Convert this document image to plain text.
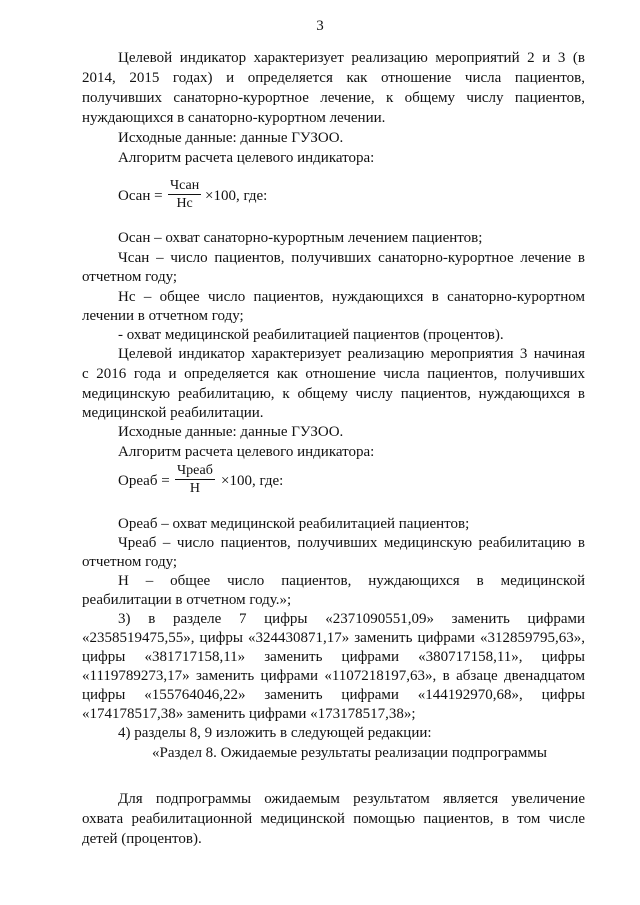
3
Целевой индикатор характеризует реализацию мероприятий 2 и 3 (в
2014, 2015 годах) и определяется как отношение числа пациентов,
получивших санаторно-курортное лечение, к общему числу пациентов,
нуждающихся в санаторно-курортном лечении.
Исходные данные: данные ГУЗОО.
Алгоритм расчета целевого индикатора:
Осан =
Чсан
Нс ×100, где:
Осан – охват санаторно-курортным лечением пациентов;
Чсан – число пациентов, получивших санаторно-курортное лечение в
отчетном году;
Нс – общее число пациентов, нуждающихся в санаторно-курортном
лечении в отчетном году;
- охват медицинской реабилитацией пациентов (процентов).
Целевой индикатор характеризует реализацию мероприятия 3 начиная
с 2016 года и определяется как отношение числа пациентов, получивших
медицинскую реабилитацию, к общему числу пациентов, нуждающихся в
медицинской реабилитации.
Исходные данные: данные ГУЗОО.
Алгоритм расчета целевого индикатора:
Ореаб =
Чреаб
Н	×100, где:
Ореаб – охват медицинской реабилитацией пациентов;
Чреаб – число пациентов, получивших медицинскую реабилитацию в
отчетном году;
Н – общее число пациентов, нуждающихся в медицинской
реабилитации в отчетном году.»;
3) в разделе 7 цифры «2371090551,09» заменить цифрами
«2358519475,55», цифры «324430871,17» заменить цифрами «312859795,63»,
цифры «381717158,11» заменить цифрами «380717158,11», цифры
«1119789273,17» заменить цифрами «1107218197,63», в абзаце двенадцатом
цифры «155764046,22» заменить цифрами «144192970,68», цифры
«174178517,38» заменить цифрами «173178517,38»;
4) разделы 8, 9 изложить в следующей редакции:
«Раздел 8. Ожидаемые результаты реализации подпрограммы
Для подпрограммы ожидаемым результатом является увеличение
охвата реабилитационной медицинской помощью пациентов, в том числе
детей (процентов).
